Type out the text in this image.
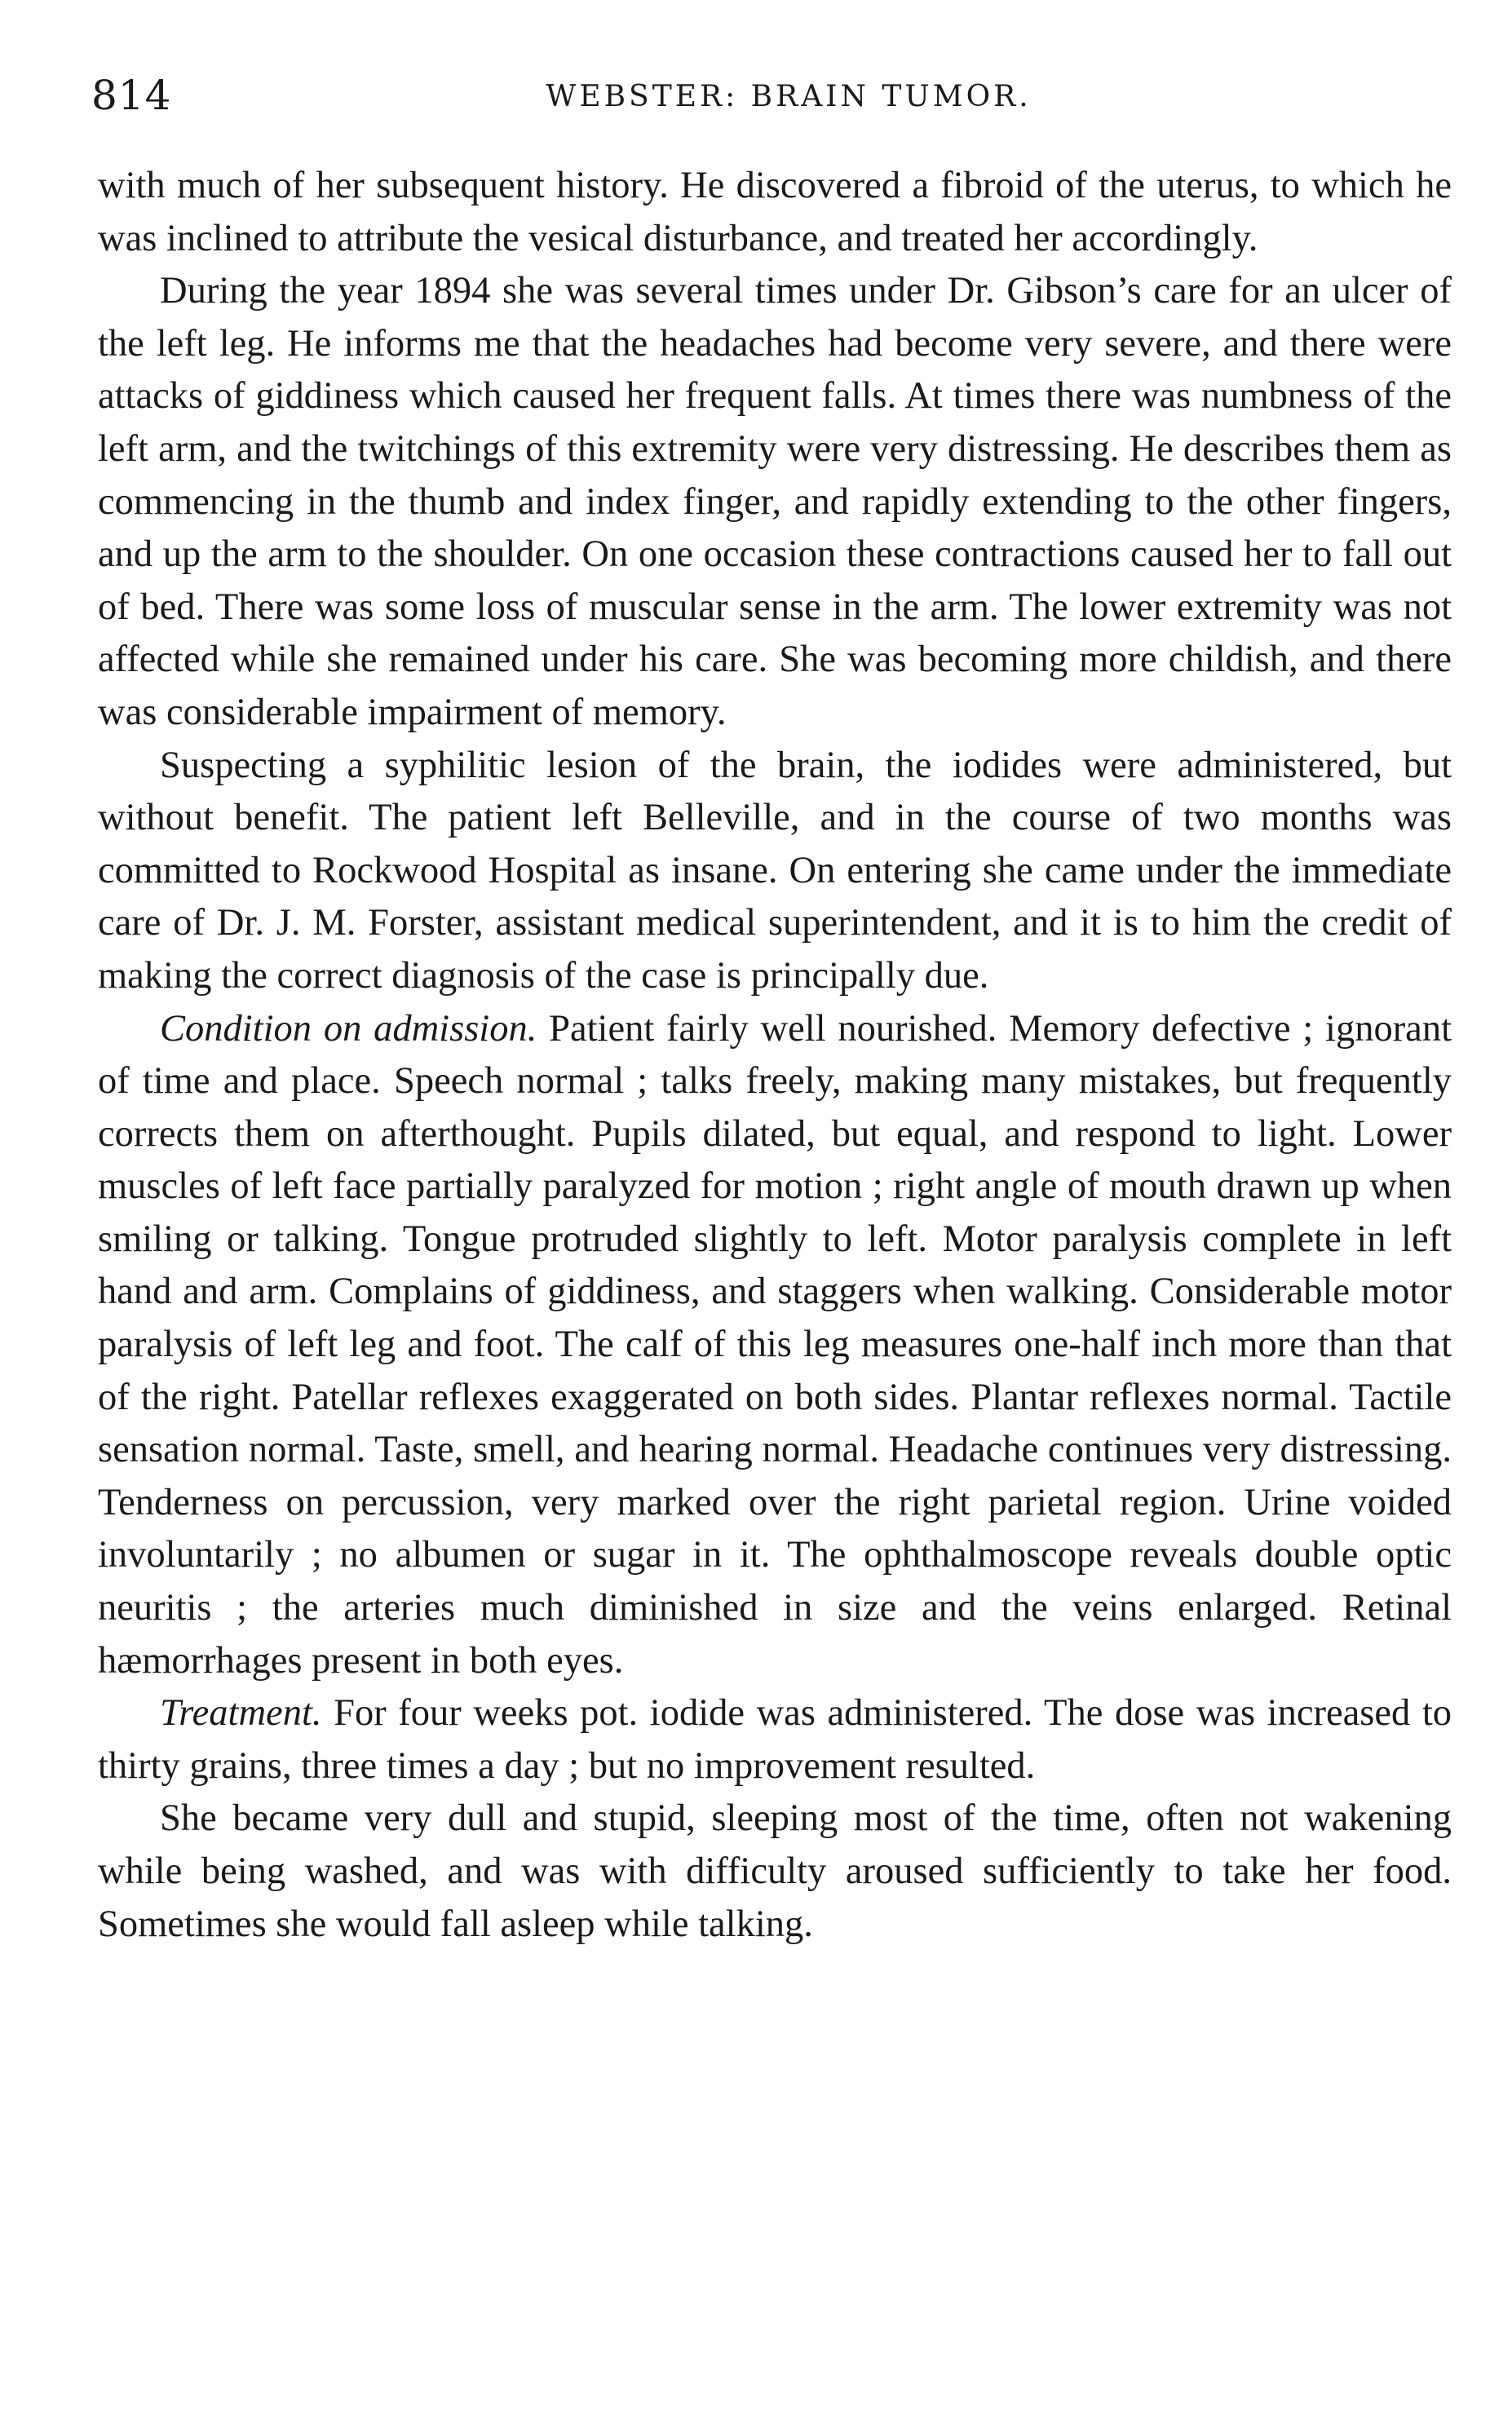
814	WEBSTER: BRAIN TUMOR.

with much of her subsequent history. He discovered a fibroid of the uterus, to which he was inclined to attribute the vesical disturbance, and treated her accordingly.

During the year 1894 she was several times under Dr. Gibson’s care for an ulcer of the left leg. He informs me that the headaches had become very severe, and there were attacks of giddiness which caused her frequent falls. At times there was numbness of the left arm, and the twitchings of this extremity were very distressing. He describes them as commencing in the thumb and index finger, and rapidly extending to the other fingers, and up the arm to the shoulder. On one occasion these contractions caused her to fall out of bed. There was some loss of muscular sense in the arm. The lower extremity was not affected while she remained under his care. She was becoming more childish, and there was considerable impairment of memory.

Suspecting a syphilitic lesion of the brain, the iodides were administered, but without benefit. The patient left Belleville, and in the course of two months was committed to Rockwood Hospital as insane. On entering she came under the immediate care of Dr. J. M. Forster, assistant medical superintendent, and it is to him the credit of making the correct diagnosis of the case is principally due.

Condition on admission. Patient fairly well nourished. Memory defective ; ignorant of time and place. Speech normal ; talks freely, making many mistakes, but frequently corrects them on afterthought. Pupils dilated, but equal, and respond to light. Lower muscles of left face partially paralyzed for motion ; right angle of mouth drawn up when smiling or talking. Tongue protruded slightly to left. Motor paralysis complete in left hand and arm. Complains of giddiness, and staggers when walking. Considerable motor paralysis of left leg and foot. The calf of this leg measures one-half inch more than that of the right. Patellar reflexes exaggerated on both sides. Plantar reflexes normal. Tactile sensation normal. Taste, smell, and hearing normal. Headache continues very distressing. Tenderness on percussion, very marked over the right parietal region. Urine voided involuntarily ; no albumen or sugar in it. The ophthalmoscope reveals double optic neuritis ; the arteries much diminished in size and the veins enlarged. Retinal hæmorrhages present in both eyes.

Treatment. For four weeks pot. iodide was administered. The dose was increased to thirty grains, three times a day ; but no improvement resulted.

She became very dull and stupid, sleeping most of the time, often not wakening while being washed, and was with difficulty aroused sufficiently to take her food. Sometimes she would fall asleep while talking.
